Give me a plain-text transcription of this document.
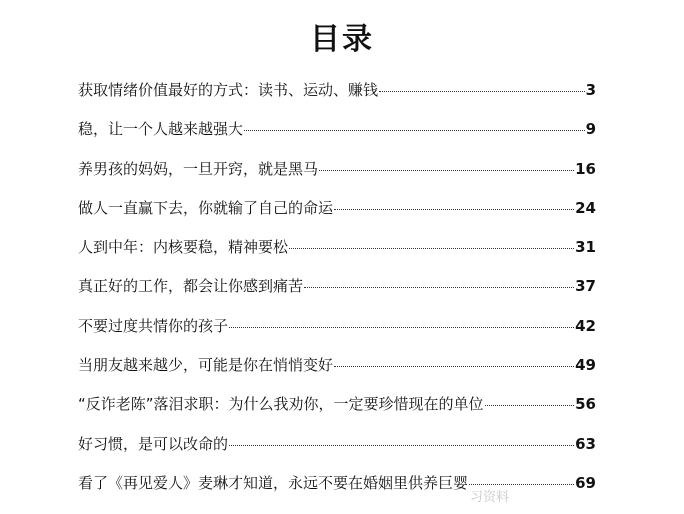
目录
获取情绪价值最好的方式：读书、运动、赚钱	3
稳，让一个人越来越强大	9
养男孩的妈妈，一旦开窍，就是黑马	16
做人一直赢下去，你就输了自己的命运	24
人到中年：内核要稳，精神要松	31
真正好的工作，都会让你感到痛苦	37
不要过度共情你的孩子	42
当朋友越来越少，可能是你在悄悄变好	49
“反诈老陈”落泪求职：为什么我劝你，一定要珍惜现在的单位	56
好习惯，是可以改命的	63
看了《再见爱人》麦琳才知道，永远不要在婚姻里供养巨婴	69
习资料
